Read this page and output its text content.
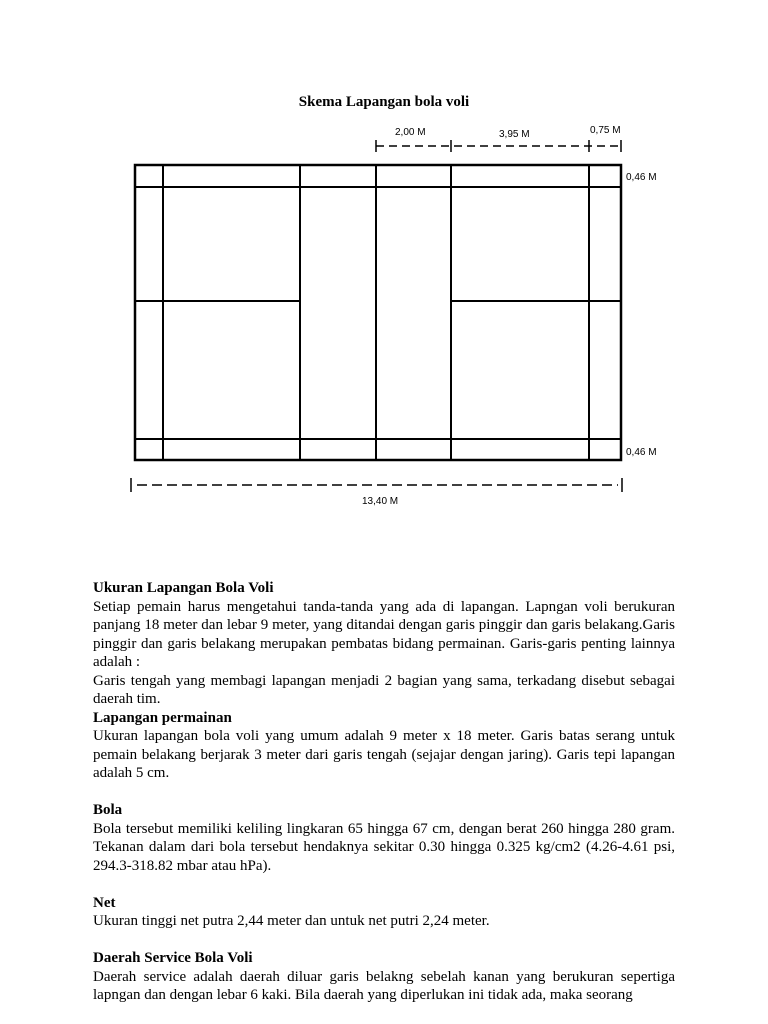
Skema Lapangan bola voli
2,00 M	3,95 M	0,75 M
0,46 M
0,46 M
13,40 M
Ukuran Lapangan Bola Voli

Setiap pemain harus mengetahui tanda-tanda yang ada di lapangan. Lapngan voli berukuran panjang 18 meter dan lebar 9 meter, yang ditandai dengan garis pinggir dan garis belakang.Garis pinggir dan garis belakang merupakan pembatas bidang permainan. Garis-garis penting lainnya adalah :

Garis tengah yang membagi lapangan menjadi 2 bagian yang sama, terkadang disebut sebagai daerah tim.

Lapangan permainan

Ukuran lapangan bola voli yang umum adalah 9 meter x 18 meter. Garis batas serang untuk pemain belakang berjarak 3 meter dari garis tengah (sejajar dengan jaring). Garis tepi lapangan adalah 5 cm.

Bola

Bola tersebut memiliki keliling lingkaran 65 hingga 67 cm, dengan berat 260 hingga 280 gram. Tekanan dalam dari bola tersebut hendaknya sekitar 0.30 hingga 0.325 kg/cm2 (4.26-4.61 psi, 294.3-318.82 mbar atau hPa).

Net

Ukuran tinggi net putra 2,44 meter dan untuk net putri 2,24 meter.

Daerah Service Bola Voli

Daerah service adalah daerah diluar garis belakng sebelah kanan yang berukuran sepertiga lapngan dan dengan lebar 6 kaki. Bila daerah yang diperlukan ini tidak ada, maka seorang
